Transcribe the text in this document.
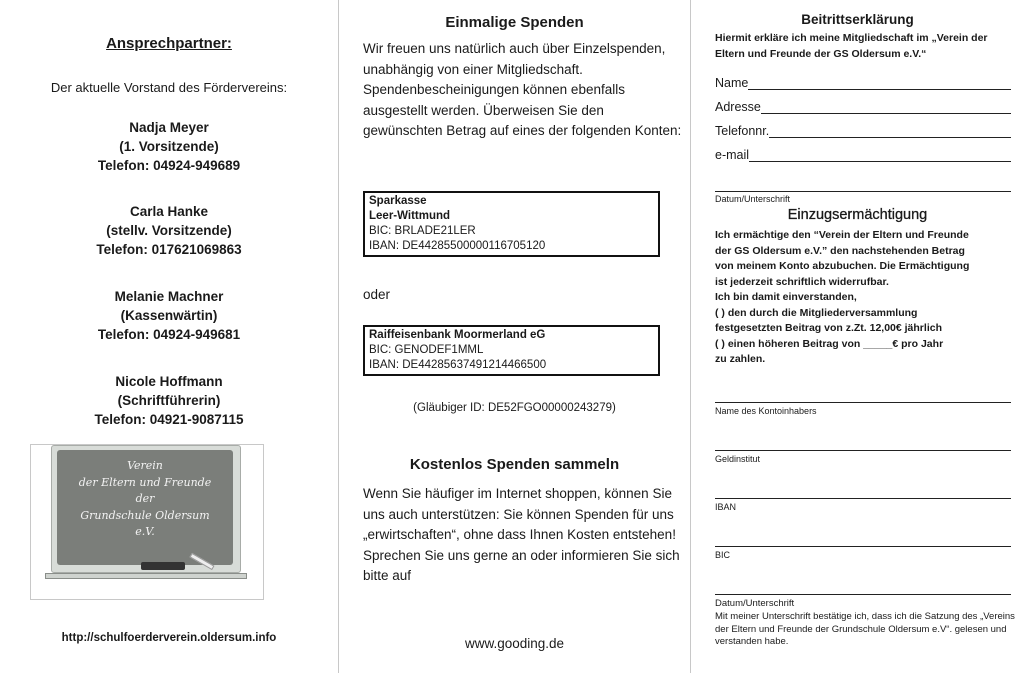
Ansprechpartner:
Der aktuelle Vorstand des Fördervereins:
Nadja Meyer
(1. Vorsitzende)
Telefon: 04924-949689
Carla Hanke
(stellv. Vorsitzende)
Telefon: 017621069863
Melanie Machner
(Kassenwärtin)
Telefon: 04924-949681
Nicole Hoffmann
(Schriftführerin)
Telefon: 04921-9087115
Verein
der Eltern und Freunde
der
Grundschule Oldersum
e.V.
http://schulfoerderverein.oldersum.info
Einmalige Spenden
Wir freuen uns natürlich auch über Einzelspenden, unabhängig von einer Mitgliedschaft. Spendenbescheinigungen können ebenfalls ausgestellt werden. Überweisen Sie den gewünschten Betrag auf eines der folgenden Konten:
Sparkasse
Leer-Wittmund
BIC: BRLADE21LER
IBAN: DE44285500000116705120
oder
Raiffeisenbank Moormerland eG
BIC: GENODEF1MML
IBAN: DE44285637491214466500
(Gläubiger ID: DE52FGO00000243279)
Kostenlos Spenden sammeln
Wenn Sie häufiger im Internet shoppen, können Sie uns auch unterstützen: Sie können Spenden für uns „erwirtschaften“, ohne dass Ihnen Kosten entstehen! Sprechen Sie uns gerne an oder informieren Sie sich bitte auf
www.gooding.de
Beitrittserklärung
Hiermit erkläre ich meine Mitgliedschaft im „Verein der Eltern und Freunde der GS Oldersum e.V.“
Name
Adresse
Telefonnr.
e-mail
Datum/Unterschrift
Einzugsermächtigung
Ich ermächtige den “Verein der Eltern und Freunde
der GS Oldersum e.V.” den nachstehenden Betrag
von meinem Konto abzubuchen. Die Ermächtigung
ist jederzeit schriftlich widerrufbar.
Ich bin damit einverstanden,
( ) den durch die Mitgliederversammlung
festgesetzten Beitrag von z.Zt. 12,00€ jährlich
( ) einen höheren Beitrag von _____€ pro Jahr
zu zahlen.
Name des Kontoinhabers
Geldinstitut
IBAN
BIC
Datum/Unterschrift
Mit meiner Unterschrift bestätige ich, dass ich die Satzung des „Vereins der Eltern und Freunde der Grundschule Oldersum e.V“. gelesen und verstanden habe.
